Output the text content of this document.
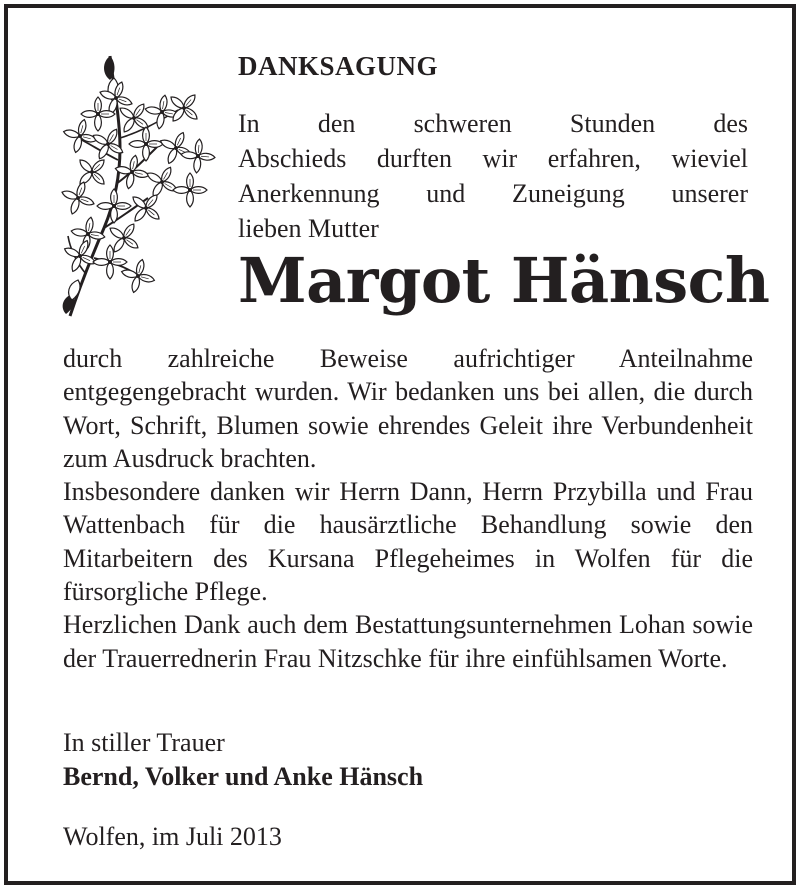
DANKSAGUNG
In den schweren Stunden des
Abschieds durften wir erfahren, wieviel
Anerkennung und Zuneigung unserer
lieben Mutter
Margot Hänsch

durch zahlreiche Beweise aufrichtiger Anteilnahme entgegengebracht wurden. Wir bedanken uns bei allen, die durch Wort, Schrift, Blumen sowie ehrendes Geleit ihre Verbundenheit zum Ausdruck brachten.

Insbesondere danken wir Herrn Dann, Herrn Przybilla und Frau Wattenbach für die hausärztliche Behandlung sowie den Mitarbeitern des Kursana Pflegeheimes in Wolfen für die fürsorgliche Pflege.

Herzlichen Dank auch dem Bestattungsunternehmen Lohan sowie der Trauerrednerin Frau Nitzschke für ihre einfühlsamen Worte.

In stiller Trauer
Bernd, Volker und Anke Hänsch
Wolfen, im Juli 2013
